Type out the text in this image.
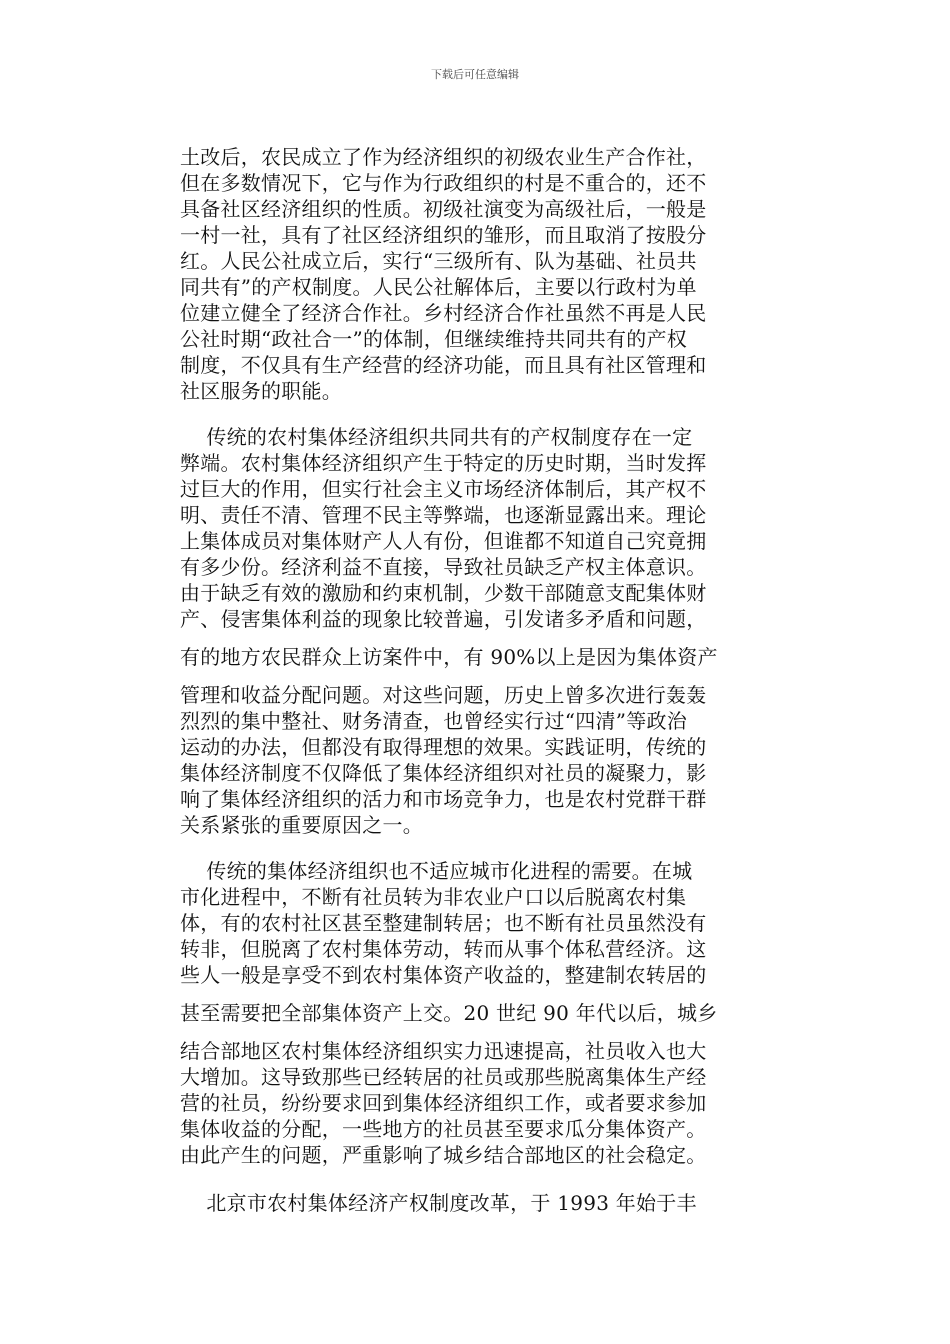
下载后可任意编辑
土改后，农民成立了作为经济组织的初级农业生产合作社，
但在多数情况下，它与作为行政组织的村是不重合的，还不
具备社区经济组织的性质。初级社演变为高级社后，一般是
一村一社，具有了社区经济组织的雏形，而且取消了按股分
红。人民公社成立后，实行“三级所有、队为基础、社员共
同共有”的产权制度。人民公社解体后，主要以行政村为单
位建立健全了经济合作社。乡村经济合作社虽然不再是人民
公社时期“政社合一”的体制，但继续维持共同共有的产权
制度，不仅具有生产经营的经济功能，而且具有社区管理和
社区服务的职能。
传统的农村集体经济组织共同共有的产权制度存在一定
弊端。农村集体经济组织产生于特定的历史时期，当时发挥
过巨大的作用，但实行社会主义市场经济体制后，其产权不
明、责任不清、管理不民主等弊端，也逐渐显露出来。理论
上集体成员对集体财产人人有份，但谁都不知道自己究竟拥
有多少份。经济利益不直接，导致社员缺乏产权主体意识。
由于缺乏有效的激励和约束机制，少数干部随意支配集体财
产、侵害集体利益的现象比较普遍，引发诸多矛盾和问题，
有的地方农民群众上访案件中，有 90%以上是因为集体资产
管理和收益分配问题。对这些问题，历史上曾多次进行轰轰
烈烈的集中整社、财务清查，也曾经实行过“四清”等政治
运动的办法，但都没有取得理想的效果。实践证明，传统的
集体经济制度不仅降低了集体经济组织对社员的凝聚力，影
响了集体经济组织的活力和市场竞争力，也是农村党群干群
关系紧张的重要原因之一。
传统的集体经济组织也不适应城市化进程的需要。在城
市化进程中，不断有社员转为非农业户口以后脱离农村集
体，有的农村社区甚至整建制转居；也不断有社员虽然没有
转非，但脱离了农村集体劳动，转而从事个体私营经济。这
些人一般是享受不到农村集体资产收益的，整建制农转居的
甚至需要把全部集体资产上交。20 世纪 90 年代以后，城乡
结合部地区农村集体经济组织实力迅速提高，社员收入也大
大增加。这导致那些已经转居的社员或那些脱离集体生产经
营的社员，纷纷要求回到集体经济组织工作，或者要求参加
集体收益的分配，一些地方的社员甚至要求瓜分集体资产。
由此产生的问题，严重影响了城乡结合部地区的社会稳定。
北京市农村集体经济产权制度改革，于 1993 年始于丰
